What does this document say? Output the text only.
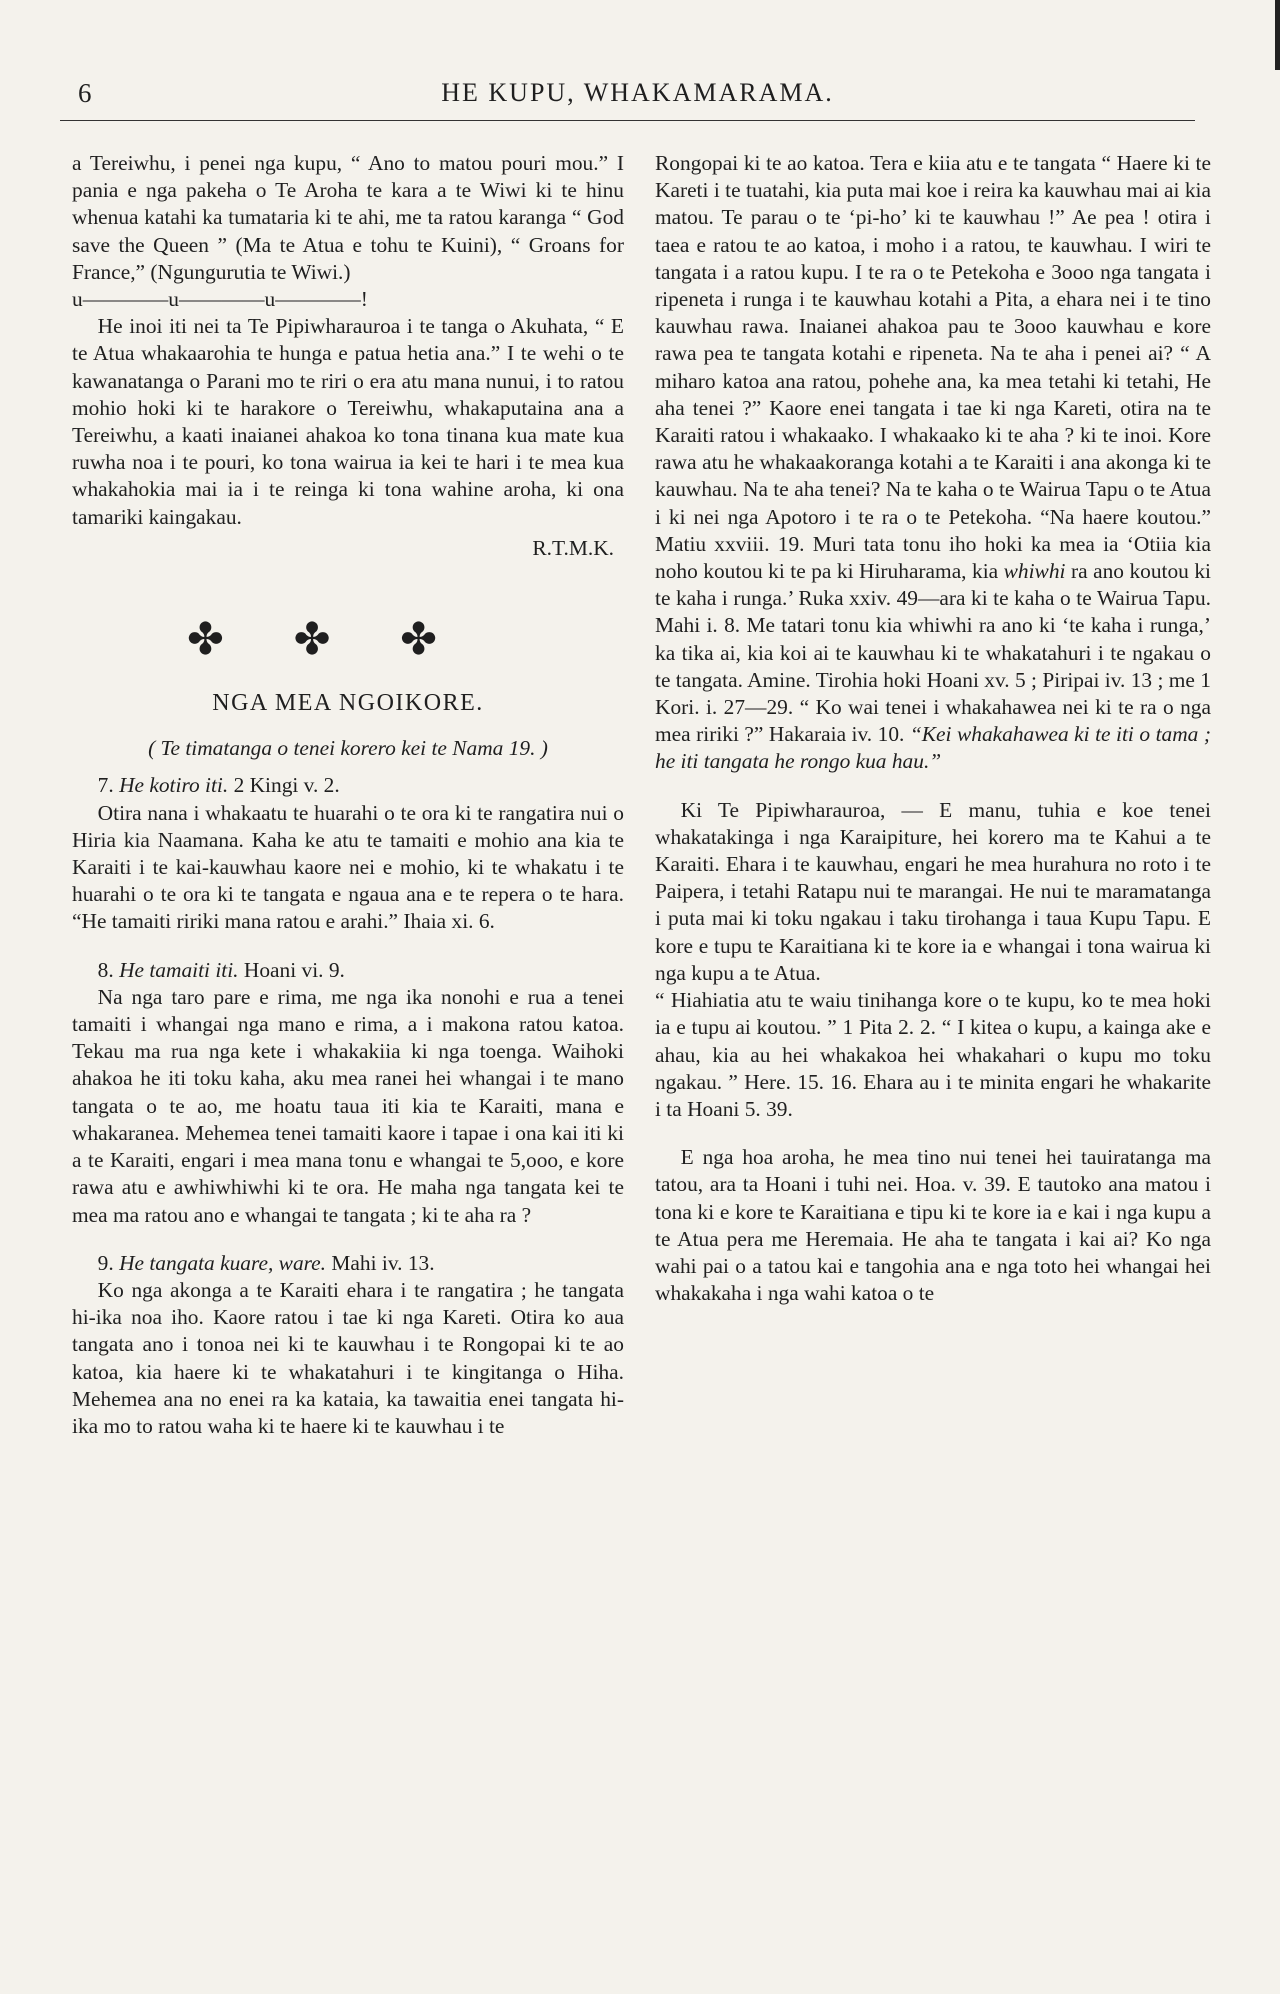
6	HE KUPU, WHAKAMARAMA.

a Tereiwhu, i penei nga kupu, “ Ano to matou pouri mou.” I pania e nga pakeha o Te Aroha te kara a te Wiwi ki te hinu whenua katahi ka tumataria ki te ahi, me ta ratou karanga “ God save the Queen ” (Ma te Atua e tohu te Kuini), “ Groans for France,” (Ngungurutia te Wiwi.)

u————u————u————!

He inoi iti nei ta Te Pipiwharauroa i te tanga o Akuhata, “ E te Atua whakaarohia te hunga e patua hetia ana.” I te wehi o te kawanatanga o Parani mo te riri o era atu mana nunui, i to ratou mohio hoki ki te harakore o Tereiwhu, whakaputaina ana a Tereiwhu, a kaati inaianei ahakoa ko tona tinana kua mate kua ruwha noa i te pouri, ko tona wairua ia kei te hari i te mea kua whakahokia mai ia i te reinga ki tona wahine aroha, ki ona tamariki kaingakau.

R.T.M.K.

✤ ✤ ✤

NGA MEA NGOIKORE.

( Te timatanga o tenei korero kei te Nama 19. )

7. He kotiro iti. 2 Kingi v. 2.

Otira nana i whakaatu te huarahi o te ora ki te rangatira nui o Hiria kia Naamana. Kaha ke atu te tamaiti e mohio ana kia te Karaiti i te kai-kauwhau kaore nei e mohio, ki te whakatu i te huarahi o te ora ki te tangata e ngaua ana e te repera o te hara. “He tamaiti ririki mana ratou e arahi.” Ihaia xi. 6.

8. He tamaiti iti. Hoani vi. 9.

Na nga taro pare e rima, me nga ika nonohi e rua a tenei tamaiti i whangai nga mano e rima, a i makona ratou katoa. Tekau ma rua nga kete i whakakiia ki nga toenga. Waihoki ahakoa he iti toku kaha, aku mea ranei hei whangai i te mano tangata o te ao, me hoatu taua iti kia te Karaiti, mana e whakaranea. Mehemea tenei tamaiti kaore i tapae i ona kai iti ki a te Karaiti, engari i mea mana tonu e whangai te 5,ooo, e kore rawa atu e awhiwhiwhi ki te ora. He maha nga tangata kei te mea ma ratou ano e whangai te tangata ; ki te aha ra ?

9. He tangata kuare, ware. Mahi iv. 13.

Ko nga akonga a te Karaiti ehara i te rangatira ; he tangata hi-ika noa iho. Kaore ratou i tae ki nga Kareti. Otira ko aua tangata ano i tonoa nei ki te kauwhau i te Rongopai ki te ao katoa, kia haere ki te whakatahuri i te kingitanga o Hiha. Mehemea ana no enei ra ka kataia, ka tawaitia enei tangata hi-ika mo to ratou waha ki te haere ki te kauwhau i te

Rongopai ki te ao katoa. Tera e kiia atu e te tangata “ Haere ki te Kareti i te tuatahi, kia puta mai koe i reira ka kauwhau mai ai kia matou. Te parau o te ‘pi-ho’ ki te kauwhau !” Ae pea ! otira i taea e ratou te ao katoa, i moho i a ratou, te kauwhau. I wiri te tangata i a ratou kupu. I te ra o te Petekoha e 3ooo nga tangata i ripeneta i runga i te kauwhau kotahi a Pita, a ehara nei i te tino kauwhau rawa. Inaianei ahakoa pau te 3ooo kauwhau e kore rawa pea te tangata kotahi e ripeneta. Na te aha i penei ai? “ A miharo katoa ana ratou, pohehe ana, ka mea tetahi ki tetahi, He aha tenei ?” Kaore enei tangata i tae ki nga Kareti, otira na te Karaiti ratou i whakaako. I whakaako ki te aha ? ki te inoi. Kore rawa atu he whakaakoranga kotahi a te Karaiti i ana akonga ki te kauwhau. Na te aha tenei? Na te kaha o te Wairua Tapu o te Atua i ki nei nga Apotoro i te ra o te Petekoha. “Na haere koutou.” Matiu xxviii. 19. Muri tata tonu iho hoki ka mea ia ‘Otiia kia noho koutou ki te pa ki Hiruharama, kia whiwhi ra ano koutou ki te kaha i runga.’ Ruka xxiv. 49—ara ki te kaha o te Wairua Tapu. Mahi i. 8. Me tatari tonu kia whiwhi ra ano ki ‘te kaha i runga,’ ka tika ai, kia koi ai te kauwhau ki te whakatahuri i te ngakau o te tangata. Amine. Tirohia hoki Hoani xv. 5 ; Piripai iv. 13 ; me 1 Kori. i. 27—29. “ Ko wai tenei i whakahawea nei ki te ra o nga mea ririki ?” Hakaraia iv. 10. “Kei whakahawea ki te iti o tama ; he iti tangata he rongo kua hau.”

Ki Te Pipiwharauroa, — E manu, tuhia e koe tenei whakatakinga i nga Karaipiture, hei korero ma te Kahui a te Karaiti. Ehara i te kauwhau, engari he mea hurahura no roto i te Paipera, i tetahi Ratapu nui te marangai. He nui te maramatanga i puta mai ki toku ngakau i taku tirohanga i taua Kupu Tapu. E kore e tupu te Karaitiana ki te kore ia e whangai i tona wairua ki nga kupu a te Atua.

“ Hiahiatia atu te waiu tinihanga kore o te kupu, ko te mea hoki ia e tupu ai koutou. ” 1 Pita 2. 2. “ I kitea o kupu, a kainga ake e ahau, kia au hei whakakoa hei whakahari o kupu mo toku ngakau. ” Here. 15. 16. Ehara au i te minita engari he whakarite i ta Hoani 5. 39.

E nga hoa aroha, he mea tino nui tenei hei tauiratanga ma tatou, ara ta Hoani i tuhi nei. Hoa. v. 39. E tautoko ana matou i tona ki e kore te Karaitiana e tipu ki te kore ia e kai i nga kupu a te Atua pera me Heremaia. He aha te tangata i kai ai? Ko nga wahi pai o a tatou kai e tangohia ana e nga toto hei whangai hei whakakaha i nga wahi katoa o te
